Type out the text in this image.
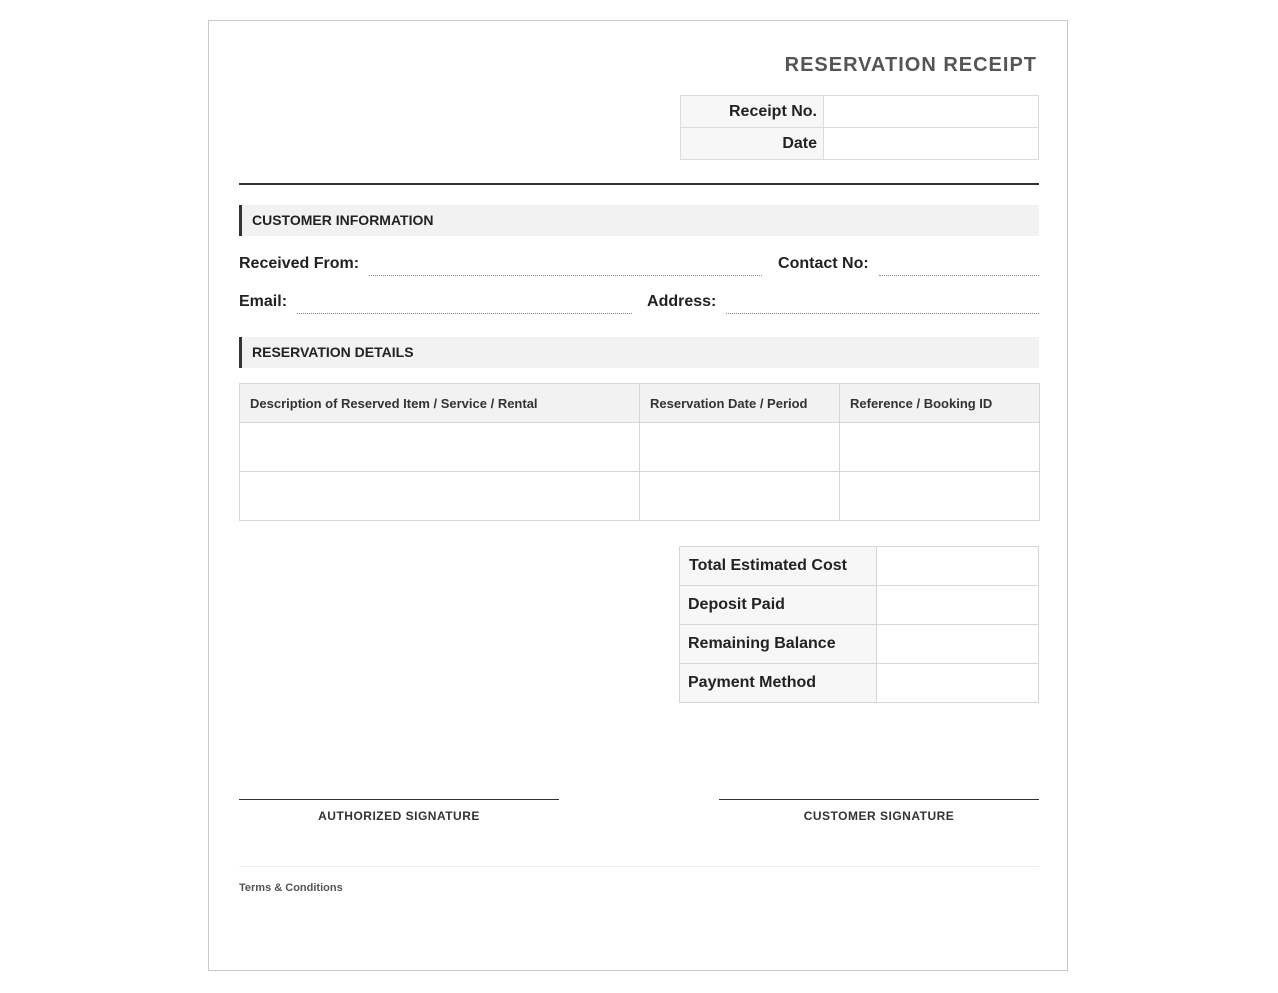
RESERVATION RECEIPT
Receipt No.	
Date	
CUSTOMER INFORMATION
Received From:	Contact No:
Email:	Address:
RESERVATION DETAILS
Description of Reserved Item / Service / Rental	Reservation Date / Period	Reference / Booking ID

Total Estimated Cost	
Deposit Paid	
Remaining Balance	
Payment Method	
AUTHORIZED SIGNATURE	CUSTOMER SIGNATURE
Terms & Conditions
